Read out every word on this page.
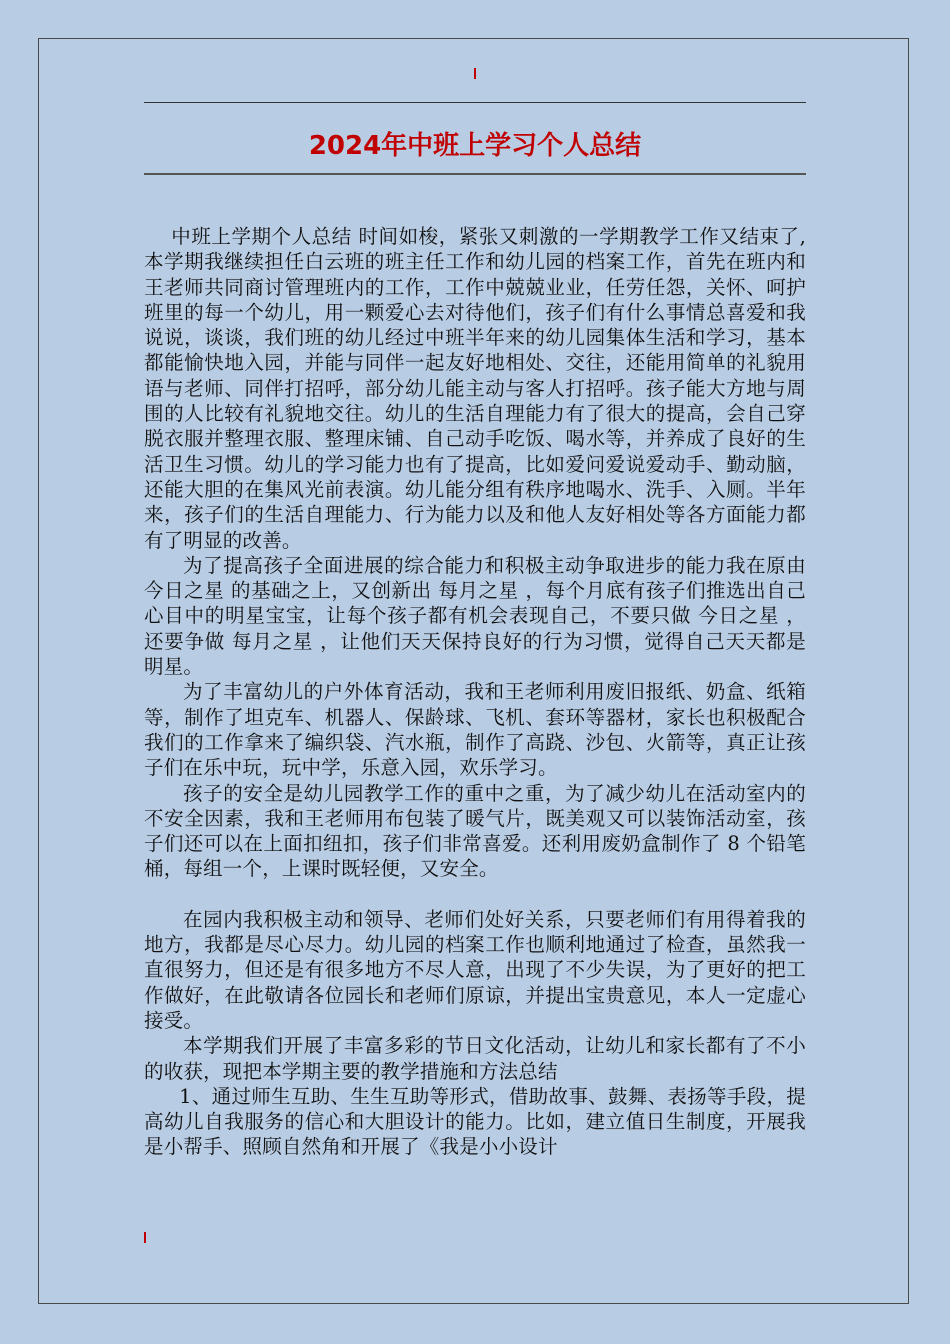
2024年中班上学习个人总结

中班上学期个人总结 时间如梭，紧张又刺激的一学期教学工作又结束了,本学期我继续担任白云班的班主任工作和幼儿园的档案工作，首先在班内和王老师共同商讨管理班内的工作，工作中兢兢业业，任劳任怨，关怀、呵护班里的每一个幼儿，用一颗爱心去对待他们，孩子们有什么事情总喜爱和我说说，谈谈，我们班的幼儿经过中班半年来的幼儿园集体生活和学习，基本都能愉快地入园，并能与同伴一起友好地相处、交往，还能用简单的礼貌用语与老师、同伴打招呼，部分幼儿能主动与客人打招呼。孩子能大方地与周围的人比较有礼貌地交往。幼儿的生活自理能力有了很大的提高，会自己穿脱衣服并整理衣服、整理床铺、自己动手吃饭、喝水等，并养成了良好的生活卫生习惯。幼儿的学习能力也有了提高，比如爱问爱说爱动手、勤动脑，还能大胆的在集风光前表演。幼儿能分组有秩序地喝水、洗手、入厕。半年来，孩子们的生活自理能力、行为能力以及和他人友好相处等各方面能力都有了明显的改善。

为了提高孩子全面进展的综合能力和积极主动争取进步的能力我在原由 今日之星 的基础之上，又创新出 每月之星 ，每个月底有孩子们推选出自己心目中的明星宝宝，让每个孩子都有机会表现自己，不要只做 今日之星 ，还要争做 每月之星 ，让他们天天保持良好的行为习惯，觉得自己天天都是明星。

为了丰富幼儿的户外体育活动，我和王老师利用废旧报纸、奶盒、纸箱等，制作了坦克车、机器人、保龄球、飞机、套环等器材，家长也积极配合我们的工作拿来了编织袋、汽水瓶，制作了高跷、沙包、火箭等，真正让孩子们在乐中玩，玩中学，乐意入园，欢乐学习。

孩子的安全是幼儿园教学工作的重中之重，为了减少幼儿在活动室内的不安全因素，我和王老师用布包装了暖气片，既美观又可以装饰活动室，孩子们还可以在上面扣纽扣，孩子们非常喜爱。还利用废奶盒制作了 8 个铅笔桶，每组一个，上课时既轻便，又安全。

在园内我积极主动和领导、老师们处好关系，只要老师们有用得着我的地方，我都是尽心尽力。幼儿园的档案工作也顺利地通过了检查，虽然我一直很努力，但还是有很多地方不尽人意，出现了不少失误，为了更好的把工作做好，在此敬请各位园长和老师们原谅，并提出宝贵意见，本人一定虚心接受。

本学期我们开展了丰富多彩的节日文化活动，让幼儿和家长都有了不小的收获，现把本学期主要的教学措施和方法总结

1、通过师生互助、生生互助等形式，借助故事、鼓舞、表扬等手段，提高幼儿自我服务的信心和大胆设计的能力。比如，建立值日生制度，开展我是小帮手、照顾自然角和开展了《我是小小设计
